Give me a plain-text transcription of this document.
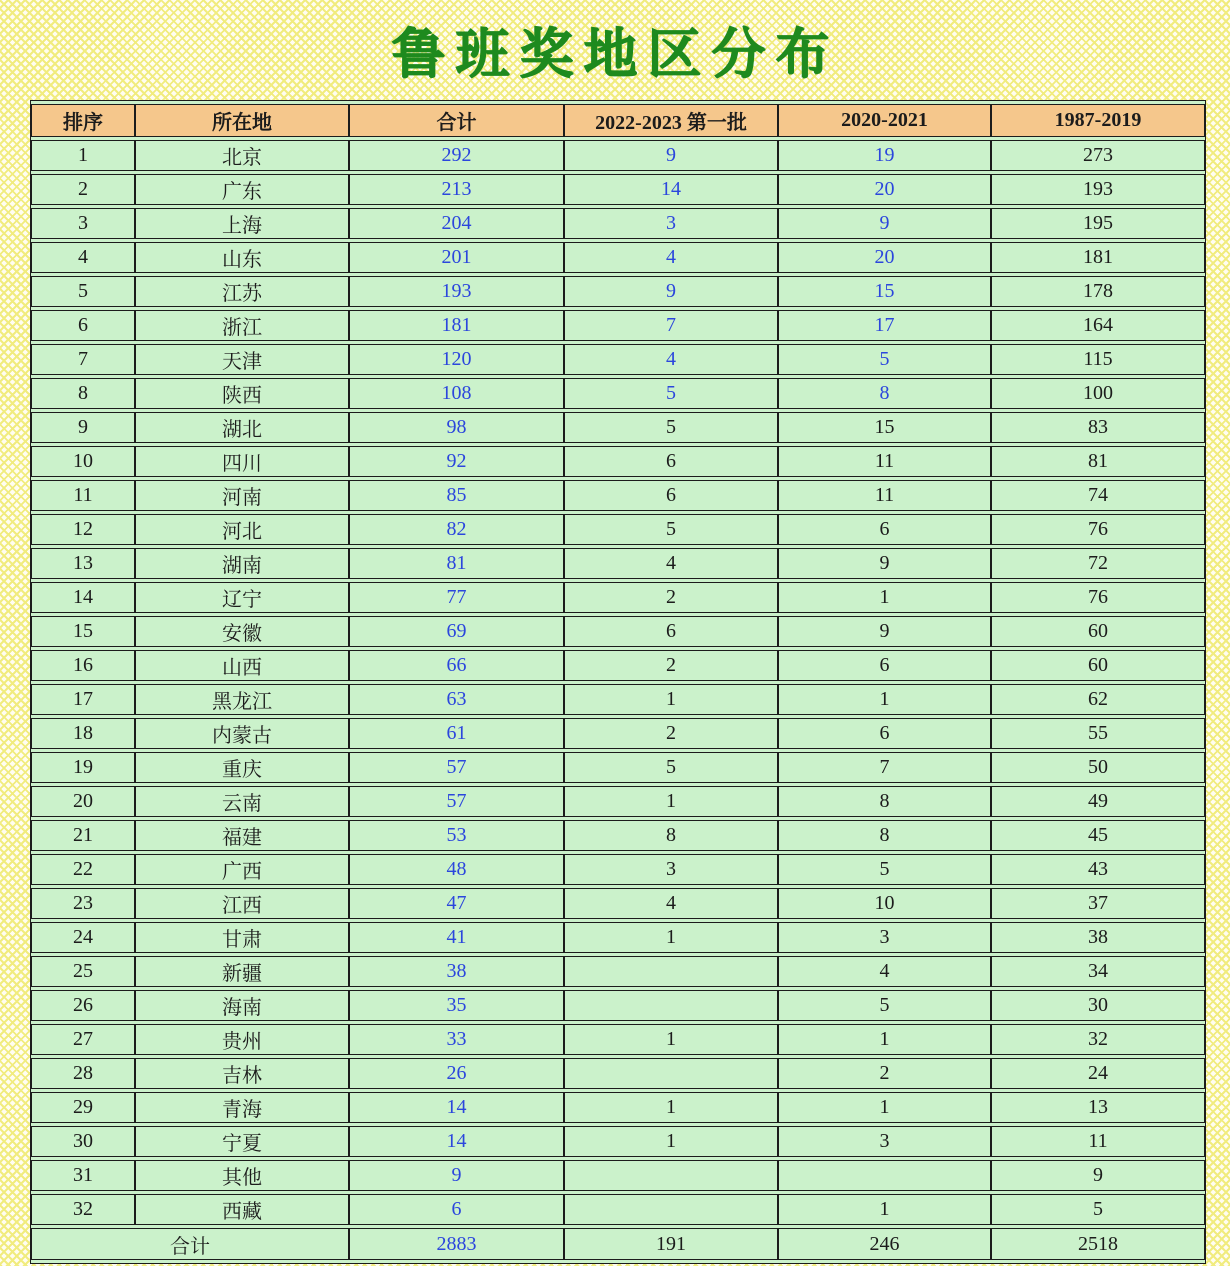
鲁班奖地区分布
排序	所在地	合计	2022-2023 第一批	2020-2021	1987-2019
1	北京	292	9	19	273
2	广东	213	14	20	193
3	上海	204	3	9	195
4	山东	201	4	20	181
5	江苏	193	9	15	178
6	浙江	181	7	17	164
7	天津	120	4	5	115
8	陕西	108	5	8	100
9	湖北	98	5	15	83
10	四川	92	6	11	81
11	河南	85	6	11	74
12	河北	82	5	6	76
13	湖南	81	4	9	72
14	辽宁	77	2	1	76
15	安徽	69	6	9	60
16	山西	66	2	6	60
17	黑龙江	63	1	1	62
18	内蒙古	61	2	6	55
19	重庆	57	5	7	50
20	云南	57	1	8	49
21	福建	53	8	8	45
22	广西	48	3	5	43
23	江西	47	4	10	37
24	甘肃	41	1	3	38
25	新疆	38		4	34
26	海南	35		5	30
27	贵州	33	1	1	32
28	吉林	26		2	24
29	青海	14	1	1	13
30	宁夏	14	1	3	11
31	其他	9			9
32	西藏	6		1	5
合计		2883	191	246	2518
